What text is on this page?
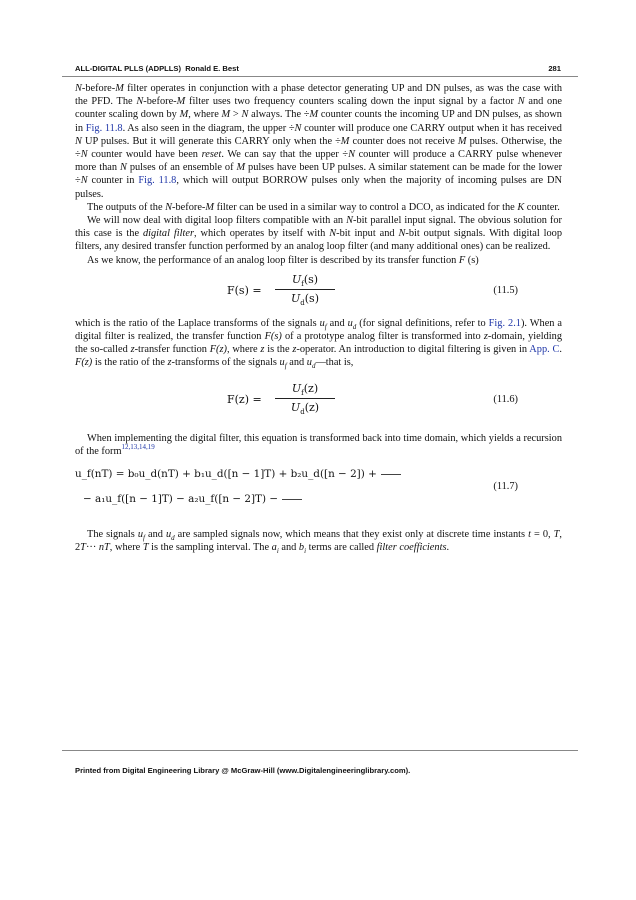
ALL-DIGITAL PLLS (ADPLLS) Ronald E. Best	281

N-before-M filter operates in conjunction with a phase detector generating UP and DN pulses, as was the case with the PFD. The N-before-M filter uses two frequency counters scaling down the input signal by a factor N and one counter scaling down by M, where M > N always. The ÷M counter counts the incoming UP and DN pulses, as shown in Fig. 11.8. As also seen in the diagram, the upper ÷N counter will produce one CARRY output when it has received N UP pulses. But it will generate this CARRY only when the ÷M counter does not receive M pulses. Otherwise, the ÷N counter would have been reset. We can say that the upper ÷N counter will produce a CARRY pulse whenever more than N pulses of an ensemble of M pulses have been UP pulses. A similar statement can be made for the lower ÷N counter in Fig. 11.8, which will output BORROW pulses only when the majority of incoming pulses are DN pulses.

The outputs of the N-before-M filter can be used in a similar way to control a DCO, as indicated for the K counter.

We will now deal with digital loop filters compatible with an N-bit parallel input signal. The obvious solution for this case is the digital filter, which operates by itself with N-bit input and N-bit output signals. With digital loop filters, any desired transfer function performed by an analog loop filter (and many additional ones) can be realized.

As we know, the performance of an analog loop filter is described by its transfer function F (s)

F(s) =
$U_f(s)$
$U_d(s)$
(11.5)

which is the ratio of the Laplace transforms of the signals $u_f$ and $u_d$ (for signal definitions, refer to Fig. 2.1). When a digital filter is realized, the transfer function F(s) of a prototype analog filter is transformed into z-domain, yielding the so-called z-transfer function F(z), where z is the z-operator. An introduction to digital filtering is given in App. C. F(z) is the ratio of the z-transforms of the signals $u_f$ and $u_d—that$ is,

F(z) =
$U_f(z)$
$U_d(z)$
(11.6)

When implementing the digital filter, this equation is transformed back into time domain, which yields a recursion of the form$^{12,13,14,19}$

u_f(nT) = b₀u_d(nT) + b₁u_d([n − 1]T) + b₂u_d([n − 2]) +
− a₁u_f([n − 1]T) − a₂u_f([n − 2]T) −
(11.7)

The signals $u_f$ and $u_d$ are sampled signals now, which means that they exist only at discrete time instants t = 0, T, 2T··· nT, where T is the sampling interval. The $a_i$ and $b_i$ terms are called filter coefficients.

Printed from Digital Engineering Library @ McGraw-Hill (www.Digitalengineeringlibrary.com).
